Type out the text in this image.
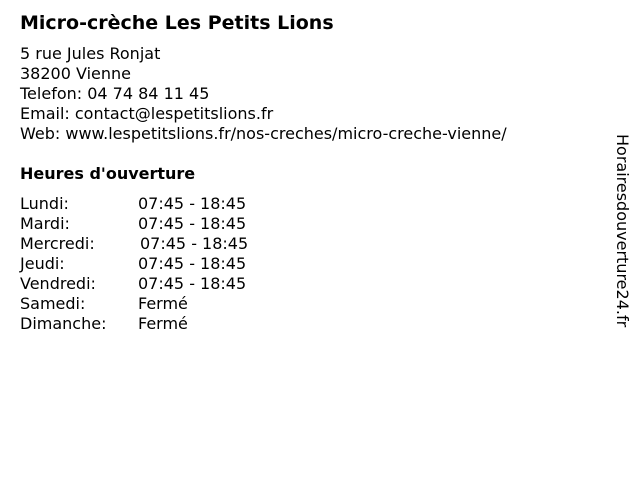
Micro-crèche Les Petits Lions
5 rue Jules Ronjat
38200 Vienne
Telefon: 04 74 84 11 45
Email: contact@lespetitslions.fr
Web: www.lespetitslions.fr/nos-creches/micro-creche-vienne/
Heures d'ouverture
Lundi:	07:45 - 18:45
Mardi:	07:45 - 18:45
Mercredi:	07:45 - 18:45
Jeudi:	07:45 - 18:45
Vendredi:	07:45 - 18:45
Samedi:	Fermé
Dimanche: Fermé	Horairesdouverture24.fr
